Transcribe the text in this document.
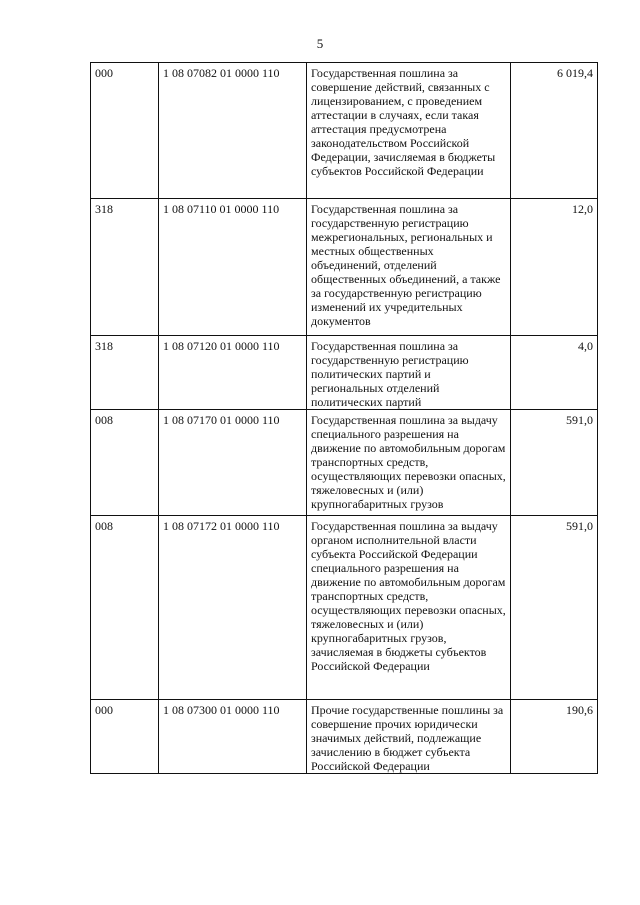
5
000	1 08 07082 01 0000 110	Государственная пошлина за совершение действий, связанных с лицензированием, с проведением аттестации в случаях, если такая аттестация предусмотрена законодательством Российской Федерации, зачисляемая в бюджеты субъектов Российской Федерации	6 019,4
318	1 08 07110 01 0000 110	Государственная пошлина за государственную регистрацию межрегиональных, региональных и местных общественных объединений, отделений общественных объединений, а также за государственную регистрацию изменений их учредительных документов	12,0
318	1 08 07120 01 0000 110	Государственная пошлина за государственную регистрацию политических партий и региональных отделений политических партий	4,0
008	1 08 07170 01 0000 110	Государственная пошлина за выдачу специального разрешения на движение по автомобильным дорогам транспортных средств, осуществляющих перевозки опасных, тяжеловесных и (или) крупногабаритных грузов	591,0
008	1 08 07172 01 0000 110	Государственная пошлина за выдачу органом исполнительной власти субъекта Российской Федерации специального разрешения на движение по автомобильным дорогам транспортных средств, осуществляющих перевозки опасных, тяжеловесных и (или) крупногабаритных грузов, зачисляемая в бюджеты субъектов Российской Федерации	591,0
000	1 08 07300 01 0000 110	Прочие государственные пошлины за совершение прочих юридически значимых действий, подлежащие зачислению в бюджет субъекта Российской Федерации	190,6
